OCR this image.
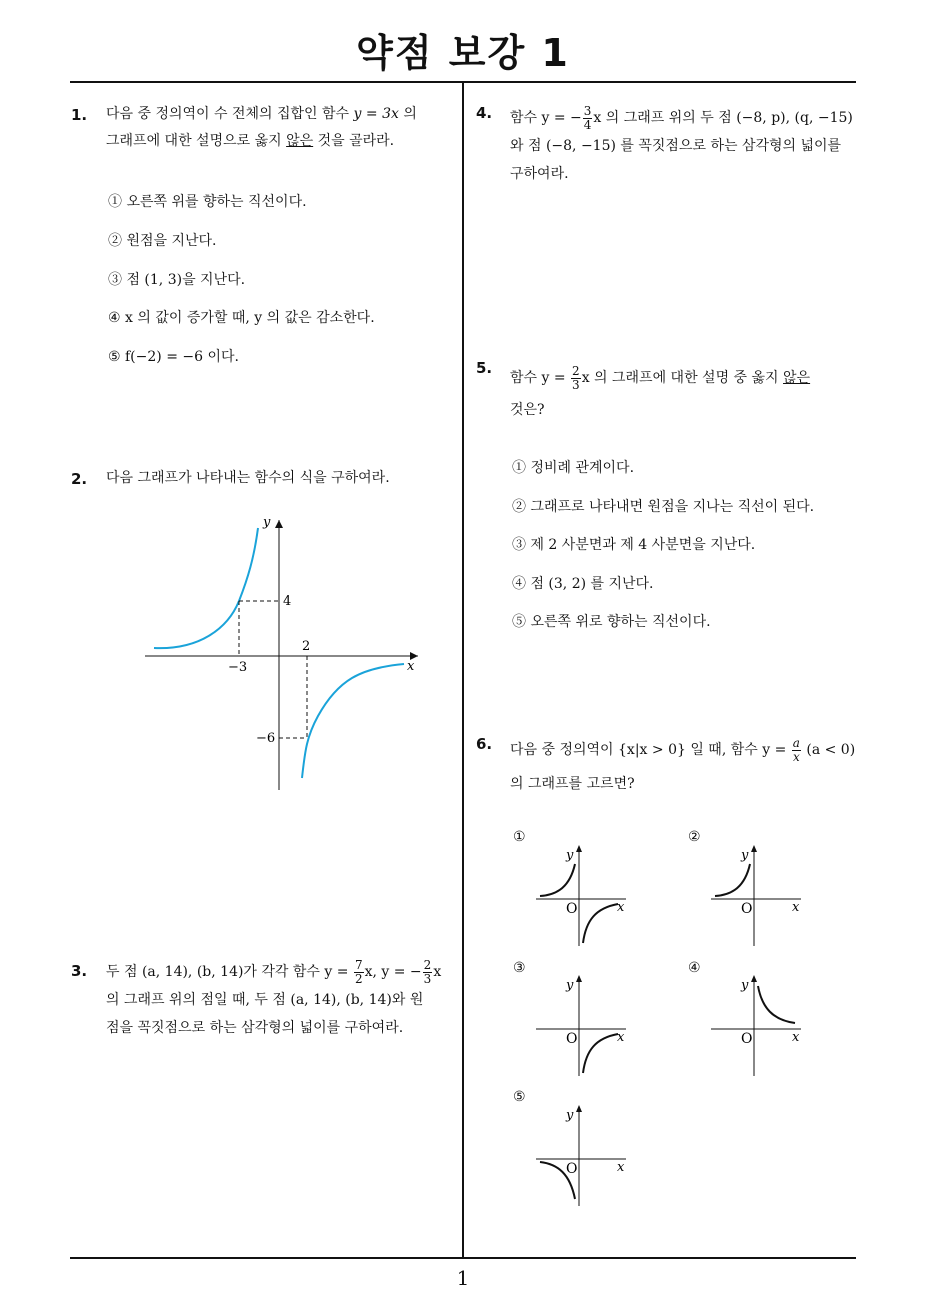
약점 보강 1
1
1. 다음 중 정의역이 수 전체의 집합인 함수 y = 3x 의
그래프에 대한 설명으로 옳지 않은 것을 골라라.
① 오른쪽 위를 향하는 직선이다.
② 원점을 지난다.
③ 점 (1, 3)을 지난다.
④ x 의 값이 증가할 때, y 의 값은 감소한다.
⑤ f(−2) = −6 이다.
2. 다음 그래프가 나타내는 함수의 식을 구하여라.
y
x
4
2
−3
−6
3. 두 점 (a, 14), (b, 14)가 각각 함수 $y = \frac{7}{2} x$, y = − $\frac{2}{3}$ x
의 그래프 위의 점일 때, 두 점 (a, 14), (b, 14)와 원
점을 꼭짓점으로 하는 삼각형의 넓이를 구하여라.
4. 함수 y = − $\frac{3}{4}$ x 의 그래프 위의 두 점 (−8, p), (q, −15)
와 점 (−8, −15) 를 꼭짓점으로 하는 삼각형의 넓이를
구하여라.
5.
함수 $y = \frac{2}{3}$ x 의 그래프에 대한 설명 중 옳지 않은
것은?
① 정비례 관계이다.
② 그래프로 나타내면 원점을 지나는 직선이 된다.
③ 제 2 사분면과 제 4 사분면을 지난다.
④ 점 (3, 2) 를 지난다.
⑤ 오른쪽 위로 향하는 직선이다.
6. 다음 중 정의역이 {x|x > 0} 일 때, 함수 $y = \frac{a}{x} (a < 0)$
의 그래프를 고르면?
①	②
③	④
⑤
y
x
O
y
x
O
y
x
O
y
x
O
y
x
O
